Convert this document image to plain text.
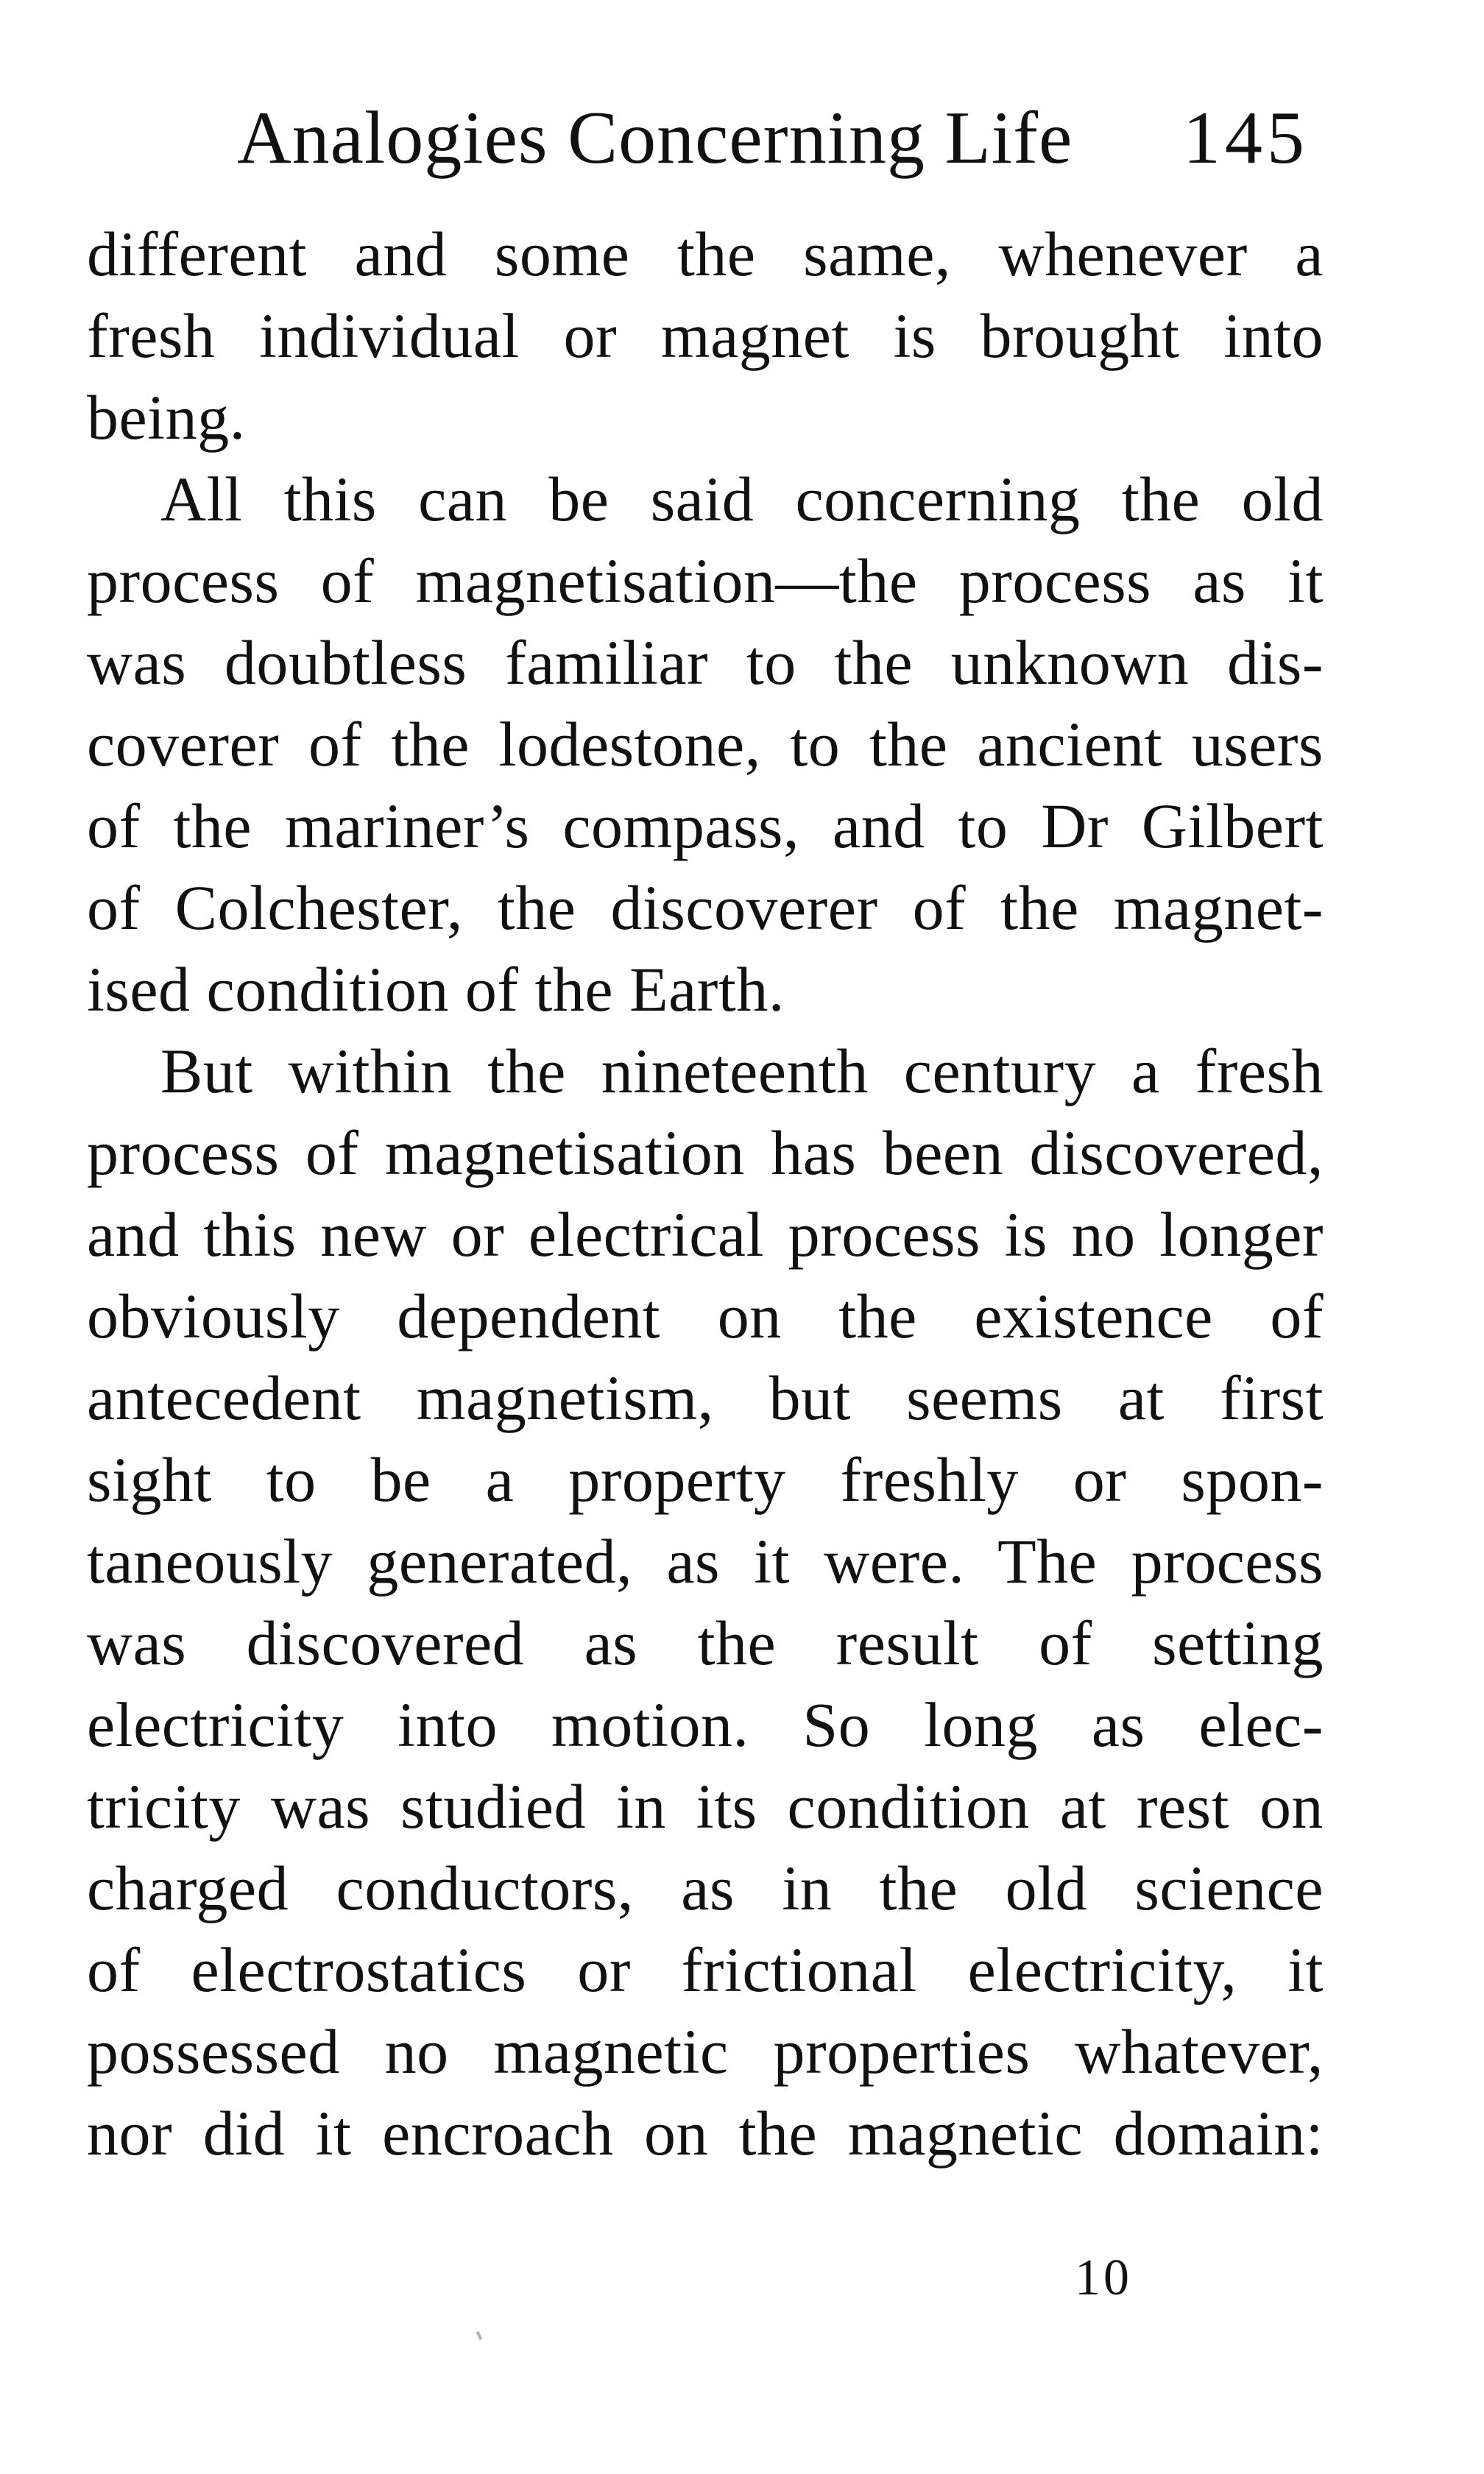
Analogies Concerning Life 145
different and some the same, whenever a
fresh individual or magnet is brought into
being.
All this can be said concerning the old
process of magnetisation—the process as it
was doubtless familiar to the unknown dis-
coverer of the lodestone, to the ancient users
of the mariner’s compass, and to Dr Gilbert
of Colchester, the discoverer of the magnet-
ised condition of the Earth.
But within the nineteenth century a fresh
process of magnetisation has been discovered,
and this new or electrical process is no longer
obviously dependent on the existence of
antecedent magnetism, but seems at first
sight to be a property freshly or spon-
taneously generated, as it were. The process
was discovered as the result of setting
electricity into motion. So long as elec-
tricity was studied in its condition at rest on
charged conductors, as in the old science
of electrostatics or frictional electricity, it
possessed no magnetic properties whatever,
nor did it encroach on the magnetic domain:
10
